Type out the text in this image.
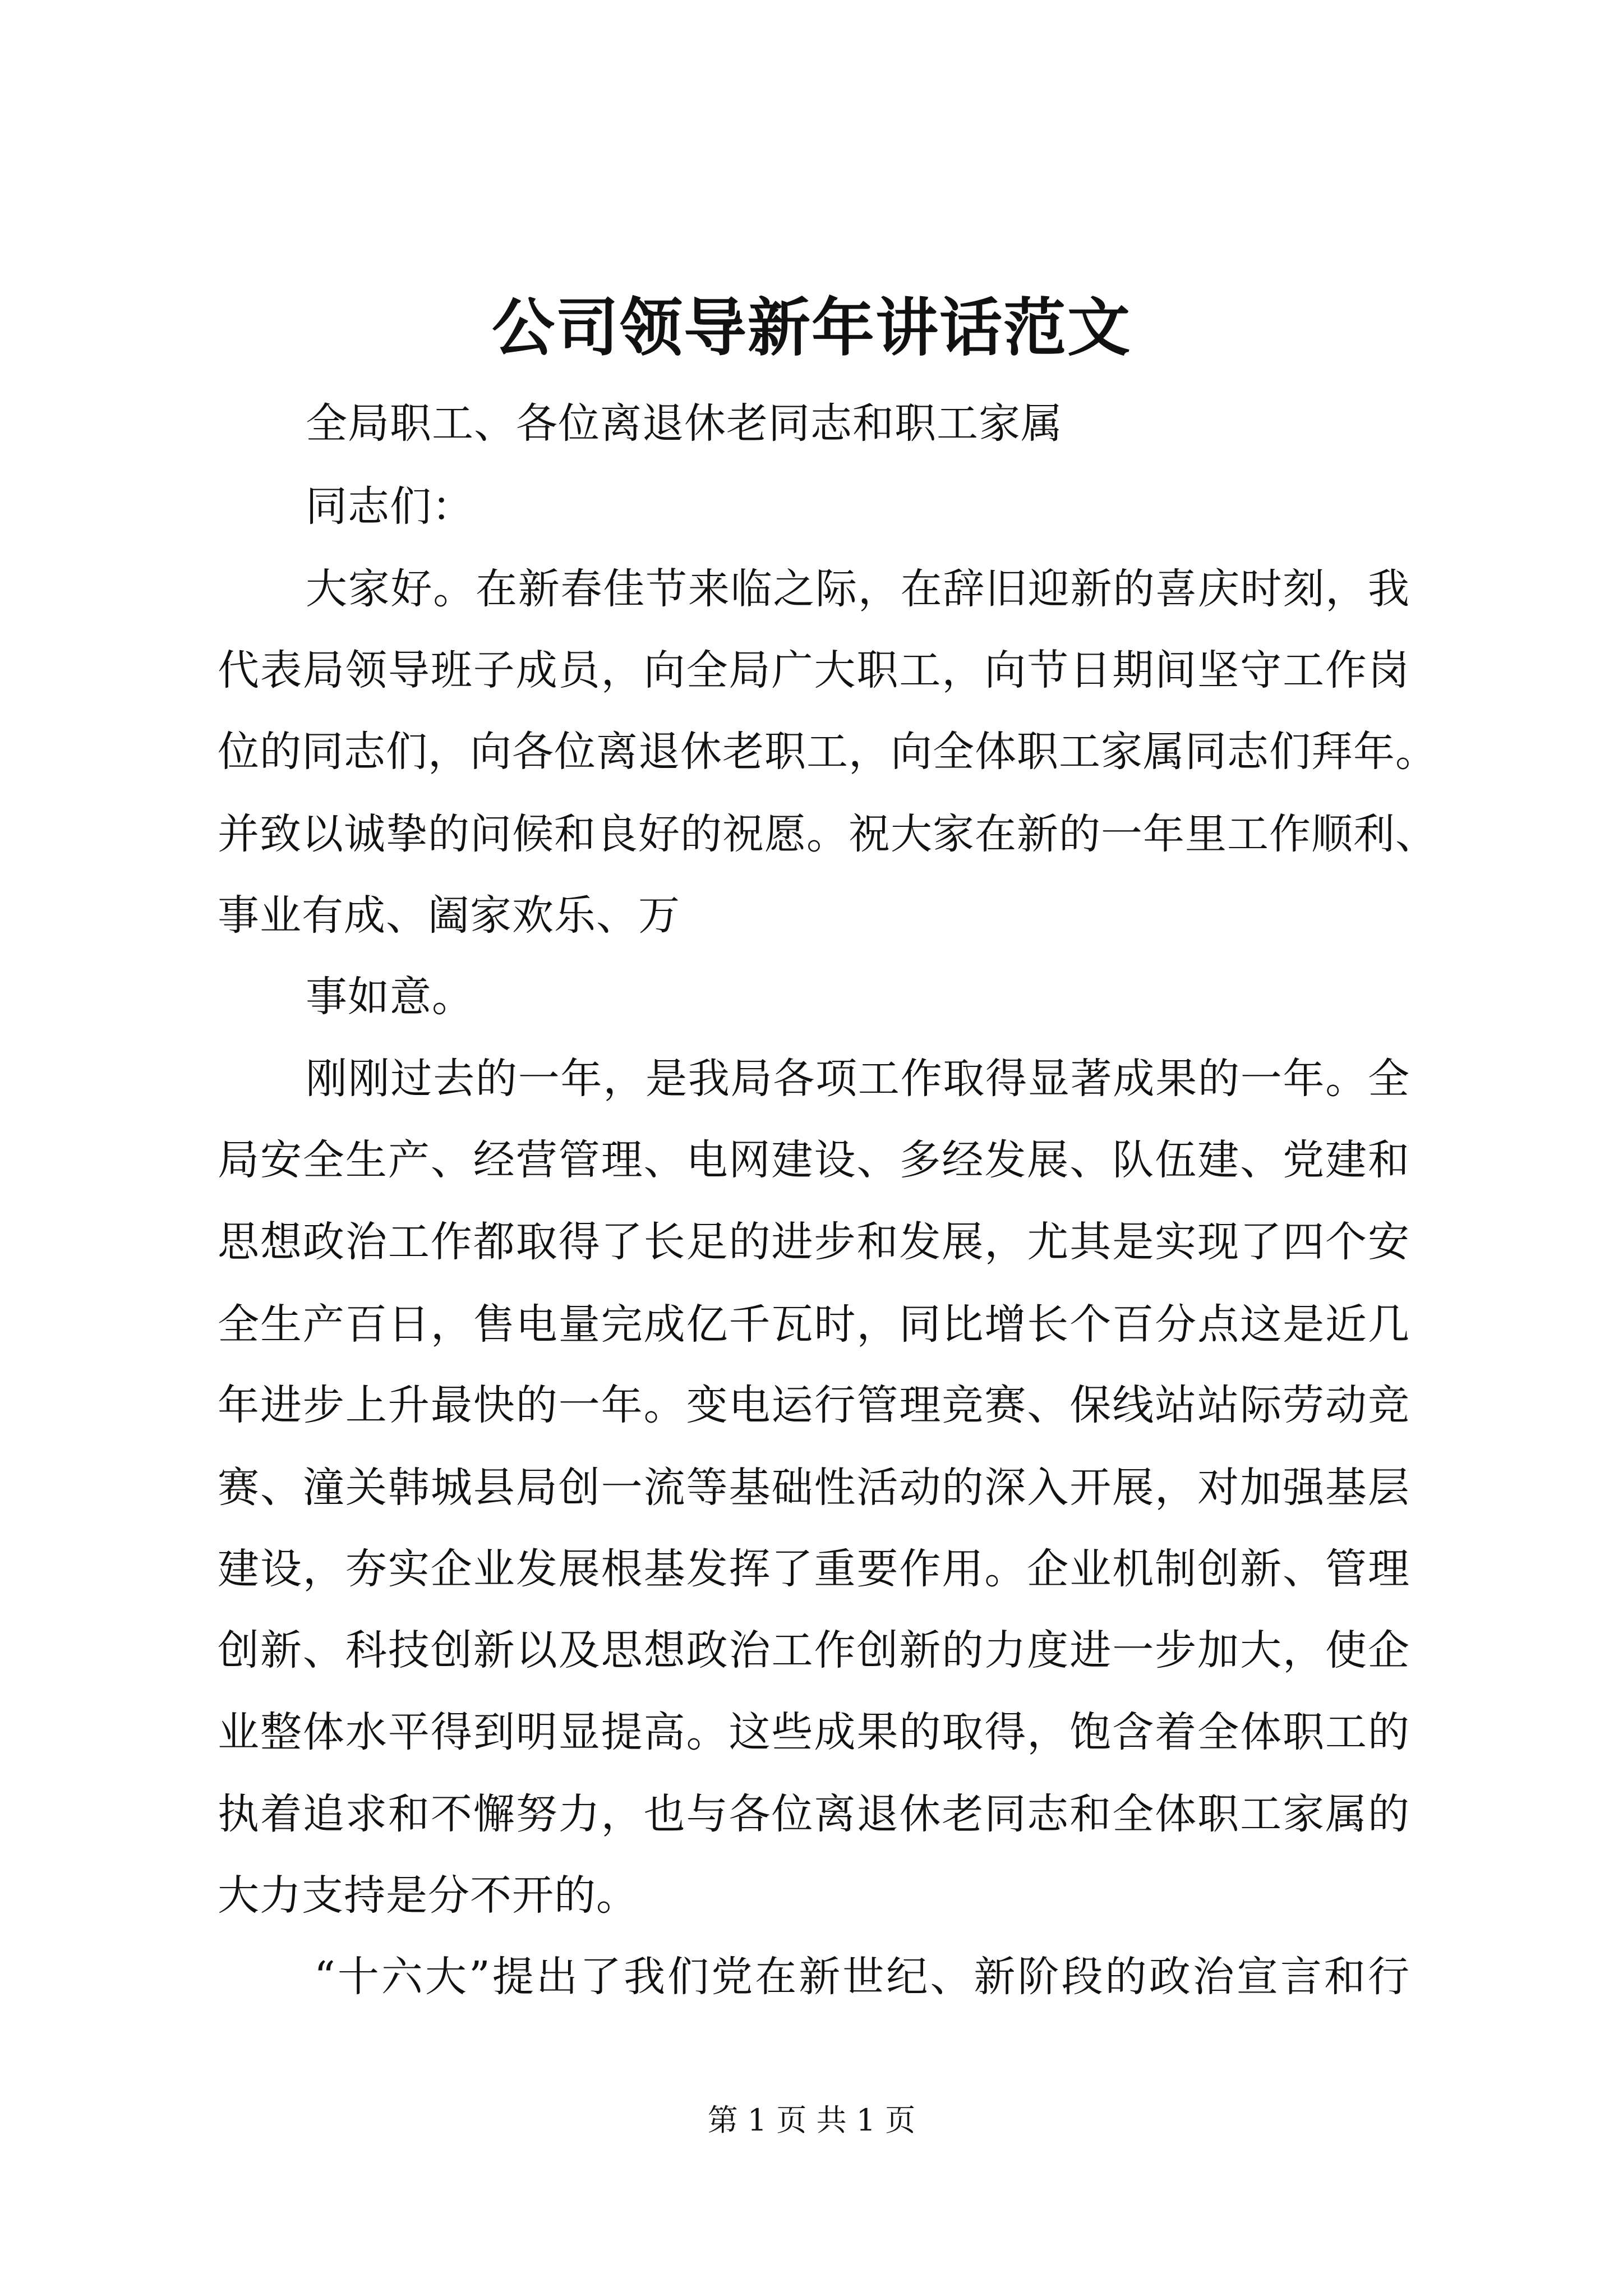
公司领导新年讲话范文
全局职工、各位离退休老同志和职工家属
同志们：
大家好。在新春佳节来临之际，在辞旧迎新的喜庆时刻，我
代表局领导班子成员，向全局广大职工，向节日期间坚守工作岗
位的同志们，向各位离退休老职工，向全体职工家属同志们拜年。
并致以诚挚的问候和良好的祝愿。祝大家在新的一年里工作顺利、
事业有成、阖家欢乐、万
事如意。
刚刚过去的一年，是我局各项工作取得显著成果的一年。全
局安全生产、经营管理、电网建设、多经发展、队伍建、党建和
思想政治工作都取得了长足的进步和发展，尤其是实现了四个安
全生产百日，售电量完成亿千瓦时，同比增长个百分点这是近几
年进步上升最快的一年。变电运行管理竞赛、保线站站际劳动竞
赛、潼关韩城县局创一流等基础性活动的深入开展，对加强基层
建设，夯实企业发展根基发挥了重要作用。企业机制创新、管理
创新、科技创新以及思想政治工作创新的力度进一步加大，使企
业整体水平得到明显提高。这些成果的取得，饱含着全体职工的
执着追求和不懈努力，也与各位离退休老同志和全体职工家属的
大力支持是分不开的。
“十六大”提出了我们党在新世纪、新阶段的政治宣言和行
第 1 页 共 1 页
